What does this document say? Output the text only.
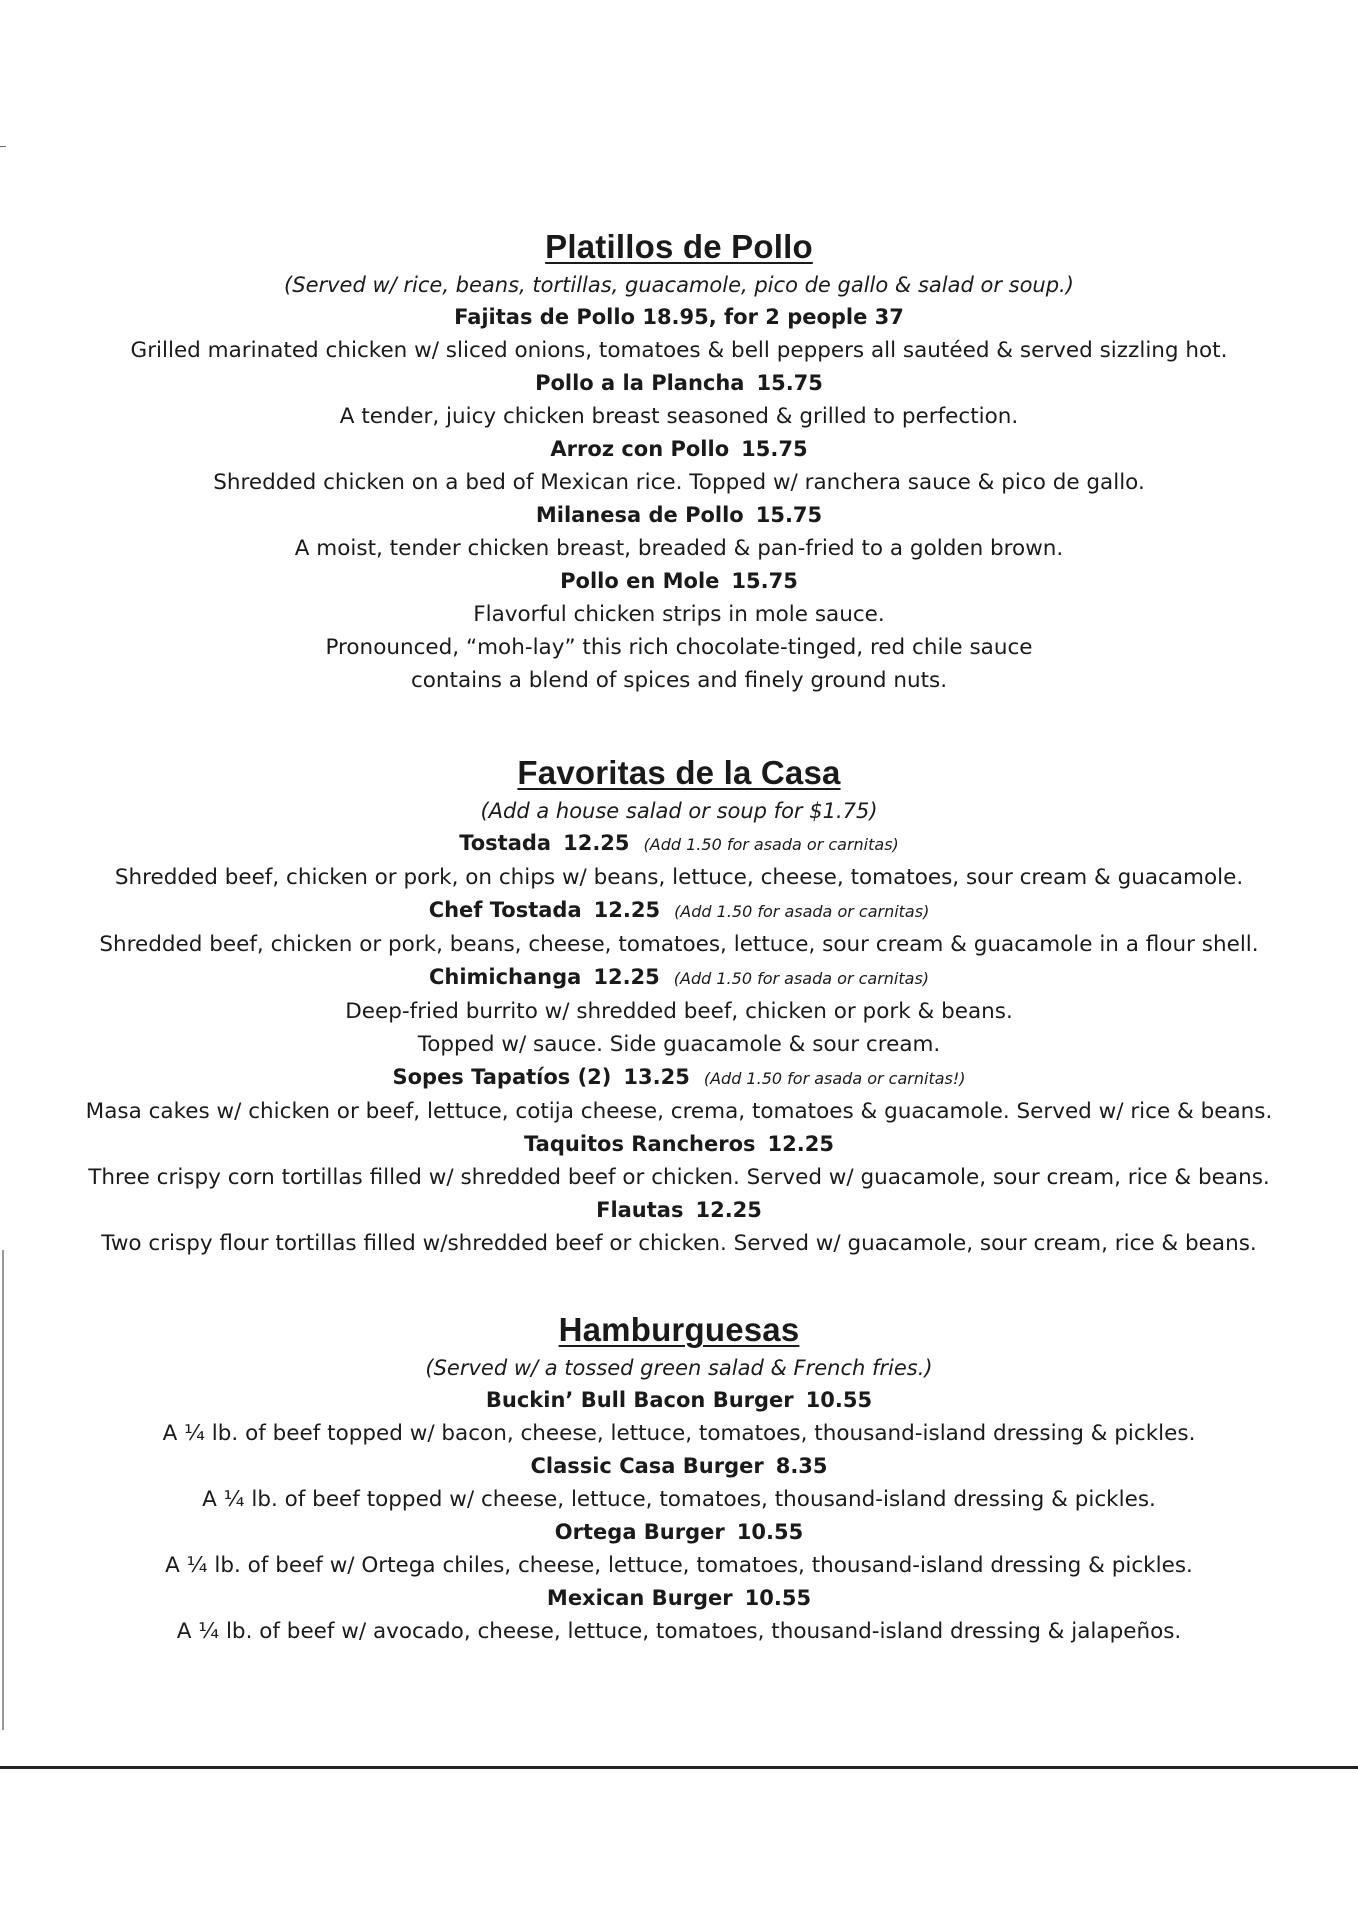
Platillos de Pollo

(Served w/ rice, beans, tortillas, guacamole, pico de gallo & salad or soup.)

Fajitas de Pollo 18.95, for 2 people 37

Grilled marinated chicken w/ sliced onions, tomatoes & bell peppers all sautéed & served sizzling hot.

Pollo a la Plancha 15.75

A tender, juicy chicken breast seasoned & grilled to perfection.

Arroz con Pollo 15.75

Shredded chicken on a bed of Mexican rice. Topped w/ ranchera sauce & pico de gallo.

Milanesa de Pollo 15.75

A moist, tender chicken breast, breaded & pan-fried to a golden brown.

Pollo en Mole 15.75

Flavorful chicken strips in mole sauce.

Pronounced, “moh-lay” this rich chocolate-tinged, red chile sauce

contains a blend of spices and finely ground nuts.

Favoritas de la Casa

(Add a house salad or soup for $1.75)

Tostada 12.25 (Add 1.50 for asada or carnitas)

Shredded beef, chicken or pork, on chips w/ beans, lettuce, cheese, tomatoes, sour cream & guacamole.

Chef Tostada 12.25 (Add 1.50 for asada or carnitas)

Shredded beef, chicken or pork, beans, cheese, tomatoes, lettuce, sour cream & guacamole in a flour shell.

Chimichanga 12.25 (Add 1.50 for asada or carnitas)

Deep-fried burrito w/ shredded beef, chicken or pork & beans.

Topped w/ sauce. Side guacamole & sour cream.

Sopes Tapatíos (2) 13.25 (Add 1.50 for asada or carnitas!)

Masa cakes w/ chicken or beef, lettuce, cotija cheese, crema, tomatoes & guacamole. Served w/ rice & beans.

Taquitos Rancheros 12.25

Three crispy corn tortillas filled w/ shredded beef or chicken. Served w/ guacamole, sour cream, rice & beans.

Flautas 12.25

Two crispy flour tortillas filled w/shredded beef or chicken. Served w/ guacamole, sour cream, rice & beans.

Hamburguesas

(Served w/ a tossed green salad & French fries.)

Buckin’ Bull Bacon Burger 10.55

A ¼ lb. of beef topped w/ bacon, cheese, lettuce, tomatoes, thousand-island dressing & pickles.

Classic Casa Burger 8.35

A ¼ lb. of beef topped w/ cheese, lettuce, tomatoes, thousand-island dressing & pickles.

Ortega Burger 10.55

A ¼ lb. of beef w/ Ortega chiles, cheese, lettuce, tomatoes, thousand-island dressing & pickles.

Mexican Burger 10.55

A ¼ lb. of beef w/ avocado, cheese, lettuce, tomatoes, thousand-island dressing & jalapeños.
